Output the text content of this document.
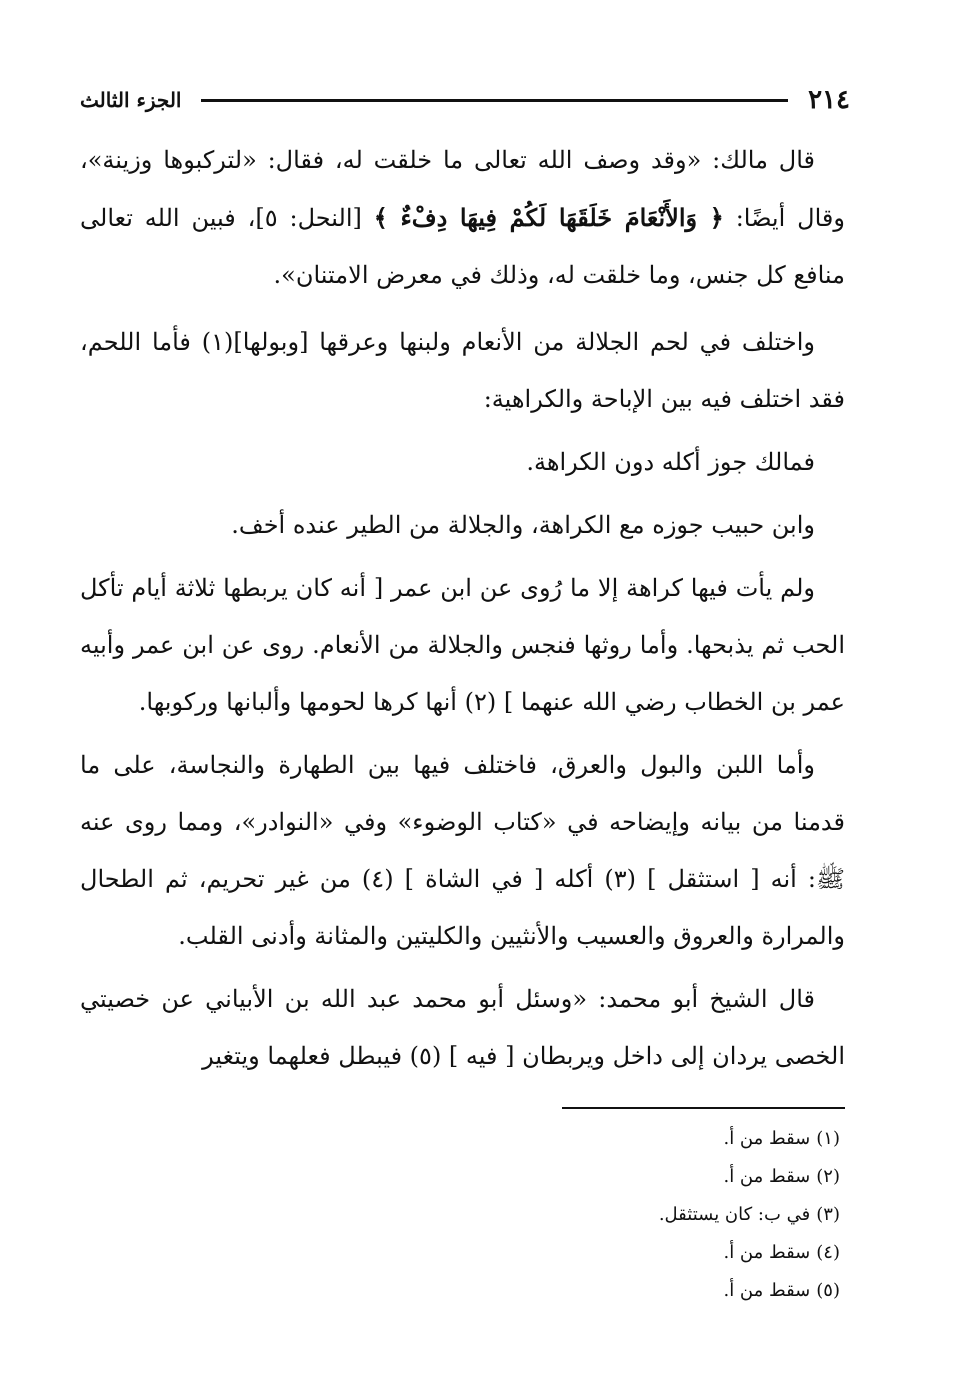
٢١٤
الجزء الثالث

قال مالك: «وقد وصف الله تعالى ما خلقت له، فقال: «لتركبوها وزينة»، وقال أيضًا: ﴿ وَالأَنْعَامَ خَلَقَهَا لَكُمْ فِيهَا دِفْءٌ ﴾ [النحل: ٥]، فبين الله تعالى منافع كل جنس، وما خلقت له، وذلك في معرض الامتنان».

واختلف في لحم الجلالة من الأنعام ولبنها وعرقها [وبولها](١) فأما اللحم، فقد اختلف فيه بين الإباحة والكراهية:

فمالك جوز أكله دون الكراهة.

وابن حبيب جوزه مع الكراهة، والجلالة من الطير عنده أخف.

ولم يأت فيها كراهة إلا ما رُوى عن ابن عمر [ أنه كان يربطها ثلاثة أيام تأكل الحب ثم يذبحها. وأما روثها فنجس والجلالة من الأنعام. روى عن ابن عمر وأبيه عمر بن الخطاب رضي الله عنهما ] (٢) أنها كرها لحومها وألبانها وركوبها.

وأما اللبن والبول والعرق، فاختلف فيها بين الطهارة والنجاسة، على ما قدمنا من بيانه وإيضاحه في «كتاب الوضوء» وفي «النوادر»، ومما روى عنه ﷺ: أنه [ استثقل ] (٣) أكله [ في الشاة ] (٤) من غير تحريم، ثم الطحال والمرارة والعروق والعسيب والأنثيين والكليتين والمثانة وأدنى القلب.

قال الشيخ أبو محمد: «وسئل أبو محمد عبد الله بن الأبياني عن خصيتي الخصى يردان إلى داخل ويربطان [ فيه ] (٥) فيبطل فعلهما ويتغير

(١)سقط من أ.
(٢)سقط من أ.
(٣)في ب: كان يستثقل.
(٤)سقط من أ.
(٥)سقط من أ.
